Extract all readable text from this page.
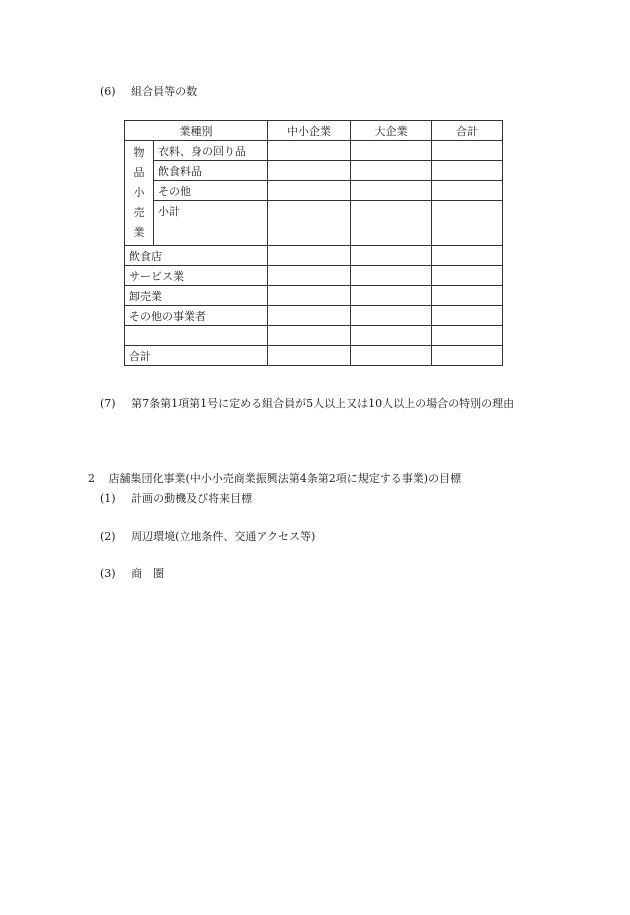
(6) 組合員等の数
業種別		中小企業	大企業	合計

物
品
小
売
業	衣料、身の回り品			
	飲食料品			
	その他			
	小計			
飲食店				
サービス業				
卸売業				
その他の事業者				

合計				
(7) 第7条第1項第1号に定める組合員が5人以上又は10人以上の場合の特別の理由
2 店舗集団化事業(中小小売商業振興法第4条第2項に規定する事業)の目標
(1) 計画の動機及び将来目標
(2) 周辺環境(立地条件、交通アクセス等)
(3) 商　圏
